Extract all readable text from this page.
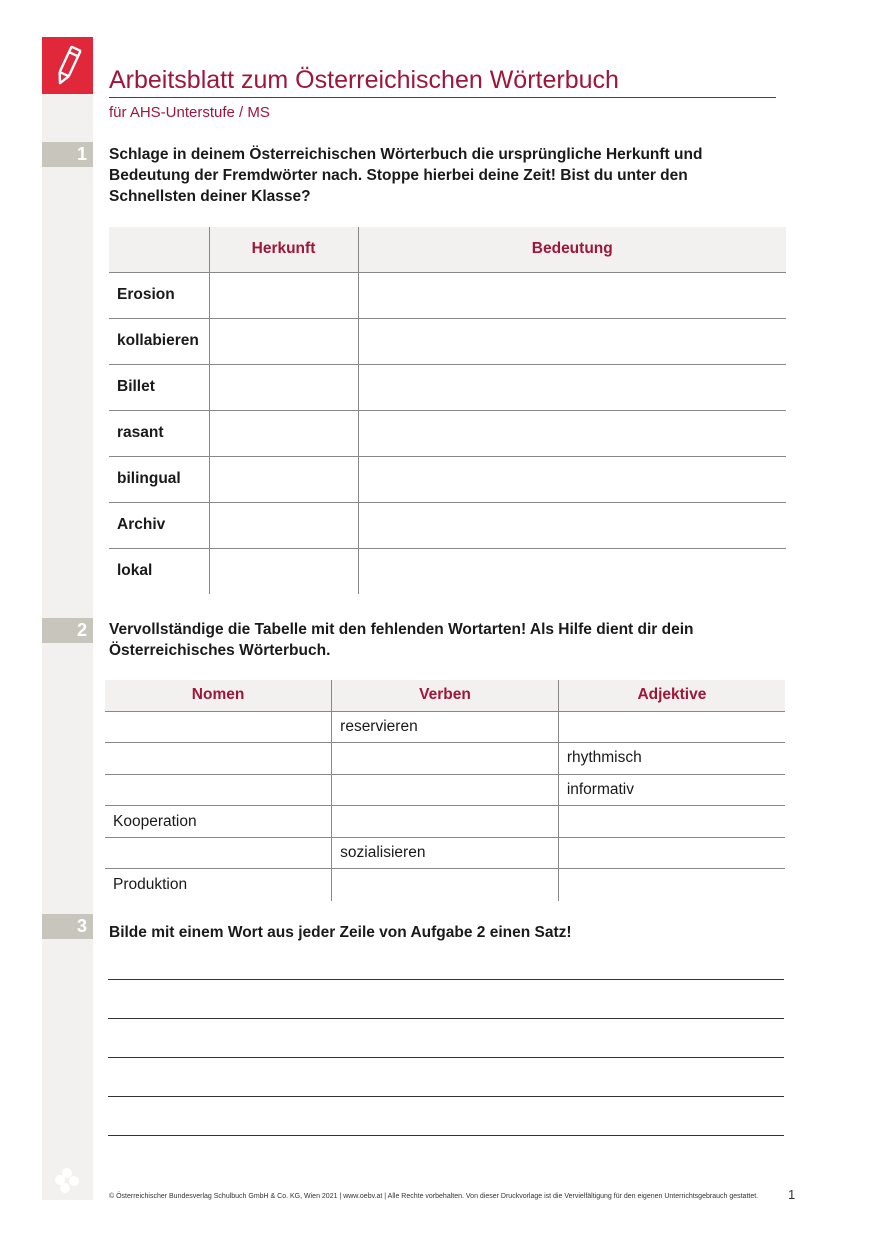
Arbeitsblatt zum Österreichischen Wörterbuch
für AHS-Unterstufe / MS
1	Schlage in deinem Österreichischen Wörterbuch die ursprüngliche Herkunft und Bedeutung der Fremdwörter nach. Stoppe hierbei deine Zeit! Bist du unter den Schnellsten deiner Klasse?
	Herkunft	Bedeutung
Erosion		
kollabieren		
Billet		
rasant		
bilingual		
Archiv		
lokal		
2	Vervollständige die Tabelle mit den fehlenden Wortarten! Als Hilfe dient dir dein Österreichisches Wörterbuch.
Nomen	Verben	Adjektive
	reservieren	
		rhythmisch
		informativ
Kooperation		
	sozialisieren	
Produktion		
3	Bilde mit einem Wort aus jeder Zeile von Aufgabe 2 einen Satz!
© Österreichischer Bundesverlag Schulbuch GmbH & Co. KG, Wien 2021 | www.oebv.at | Alle Rechte vorbehalten. Von dieser Druckvorlage ist die Vervielfältigung für den eigenen Unterrichtsgebrauch gestattet. 1
